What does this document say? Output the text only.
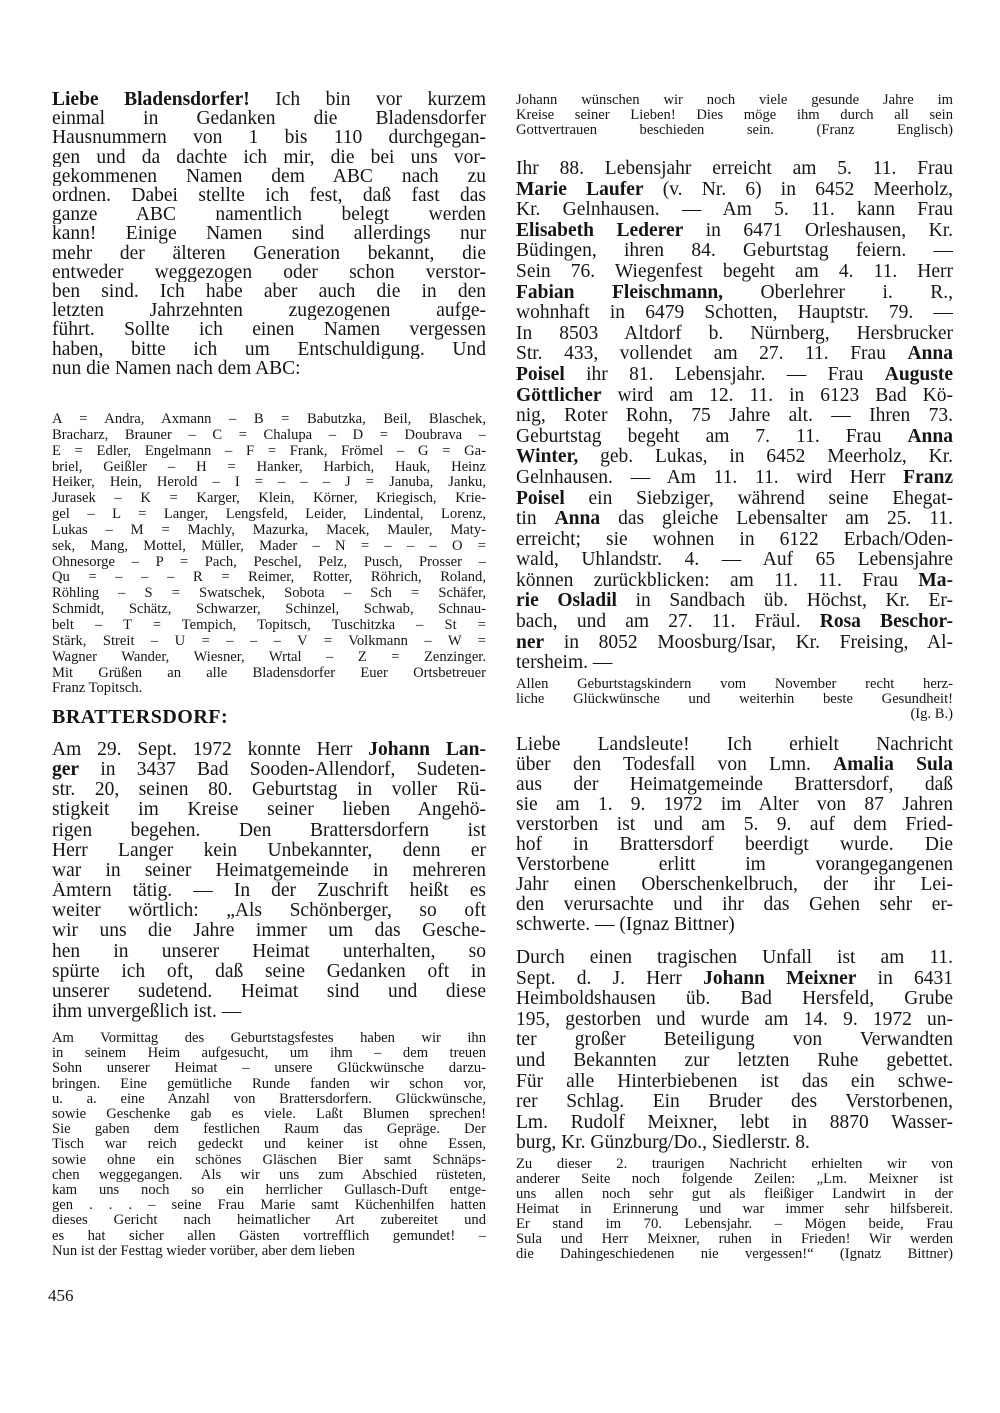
Liebe Bladensdorfer! Ich bin vor kurzem
einmal in Gedanken die Bladensdorfer
Hausnummern von 1 bis 110 durchgegan-
gen und da dachte ich mir, die bei uns vor-
gekommenen Namen dem ABC nach zu
ordnen. Dabei stellte ich fest, daß fast das
ganze ABC namentlich belegt werden
kann! Einige Namen sind allerdings nur
mehr der älteren Generation bekannt, die
entweder weggezogen oder schon verstor-
ben sind. Ich habe aber auch die in den
letzten Jahrzehnten zugezogenen aufge-
führt. Sollte ich einen Namen vergessen
haben, bitte ich um Entschuldigung. Und
nun die Namen nach dem ABC:
A = Andra, Axmann – B = Babutzka, Beil, Blaschek,
Bracharz, Brauner – C = Chalupa – D = Doubrava –
E = Edler, Engelmann – F = Frank, Frömel – G = Ga-
briel, Geißler – H = Hanker, Harbich, Hauk, Heinz
Heiker, Hein, Herold – I = – – – J = Januba, Janku,
Jurasek – K = Karger, Klein, Körner, Kriegisch, Krie-
gel – L = Langer, Lengsfeld, Leider, Lindental, Lorenz,
Lukas – M = Machly, Mazurka, Macek, Mauler, Maty-
sek, Mang, Mottel, Müller, Mader – N = – – – O =
Ohnesorge – P = Pach, Peschel, Pelz, Pusch, Prosser –
Qu = – – – R = Reimer, Rotter, Röhrich, Roland,
Röhling – S = Swatschek, Sobota – Sch = Schäfer,
Schmidt, Schätz, Schwarzer, Schinzel, Schwab, Schnau-
belt – T = Tempich, Topitsch, Tuschitzka – St =
Stärk, Streit – U = – – – V = Volkmann – W =
Wagner Wander, Wiesner, Wrtal – Z = Zenzinger.
Mit Grüßen an alle Bladensdorfer Euer Ortsbetreuer
Franz Topitsch.
BRATTERSDORF:
Am 29. Sept. 1972 konnte Herr Johann Lan-
ger in 3437 Bad Sooden-Allendorf, Sudeten-
str. 20, seinen 80. Geburtstag in voller Rü-
stigkeit im Kreise seiner lieben Angehö-
rigen begehen. Den Brattersdorfern ist
Herr Langer kein Unbekannter, denn er
war in seiner Heimatgemeinde in mehreren
Ämtern tätig. — In der Zuschrift heißt es
weiter wörtlich: „Als Schönberger, so oft
wir uns die Jahre immer um das Gesche-
hen in unserer Heimat unterhalten, so
spürte ich oft, daß seine Gedanken oft in
unserer sudetend. Heimat sind und diese
ihm unvergeßlich ist. —
Am Vormittag des Geburtstagsfestes haben wir ihn
in seinem Heim aufgesucht, um ihm – dem treuen
Sohn unserer Heimat – unsere Glückwünsche darzu-
bringen. Eine gemütliche Runde fanden wir schon vor,
u. a. eine Anzahl von Brattersdorfern. Glückwünsche,
sowie Geschenke gab es viele. Laßt Blumen sprechen!
Sie gaben dem festlichen Raum das Gepräge. Der
Tisch war reich gedeckt und keiner ist ohne Essen,
sowie ohne ein schönes Gläschen Bier samt Schnäps-
chen weggegangen. Als wir uns zum Abschied rüsteten,
kam uns noch so ein herrlicher Gullasch-Duft entge-
gen . . . – seine Frau Marie samt Küchenhilfen hatten
dieses Gericht nach heimatlicher Art zubereitet und
es hat sicher allen Gästen vortrefflich gemundet! –
Nun ist der Festtag wieder vorüber, aber dem lieben
456
Johann wünschen wir noch viele gesunde Jahre im
Kreise seiner Lieben! Dies möge ihm durch all sein
Gottvertrauen beschieden sein. (Franz Englisch)
Ihr 88. Lebensjahr erreicht am 5. 11. Frau
Marie Laufer (v. Nr. 6) in 6452 Meerholz,
Kr. Gelnhausen. — Am 5. 11. kann Frau
Elisabeth Lederer in 6471 Orleshausen, Kr.
Büdingen, ihren 84. Geburtstag feiern. —
Sein 76. Wiegenfest begeht am 4. 11. Herr
Fabian Fleischmann, Oberlehrer i. R.,
wohnhaft in 6479 Schotten, Hauptstr. 79. —
In 8503 Altdorf b. Nürnberg, Hersbrucker
Str. 433, vollendet am 27. 11. Frau Anna
Poisel ihr 81. Lebensjahr. — Frau Auguste
Göttlicher wird am 12. 11. in 6123 Bad Kö-
nig, Roter Rohn, 75 Jahre alt. — Ihren 73.
Geburtstag begeht am 7. 11. Frau Anna
Winter, geb. Lukas, in 6452 Meerholz, Kr.
Gelnhausen. — Am 11. 11. wird Herr Franz
Poisel ein Siebziger, während seine Ehegat-
tin Anna das gleiche Lebensalter am 25. 11.
erreicht; sie wohnen in 6122 Erbach/Oden-
wald, Uhlandstr. 4. — Auf 65 Lebensjahre
können zurückblicken: am 11. 11. Frau Ma-
rie Osladil in Sandbach üb. Höchst, Kr. Er-
bach, und am 27. 11. Fräul. Rosa Beschor-
ner in 8052 Moosburg/Isar, Kr. Freising, Al-
tersheim. —
Allen Geburtstagskindern vom November recht herz-
liche Glückwünsche und weiterhin beste Gesundheit!
(Ig. B.)
Liebe Landsleute! Ich erhielt Nachricht
über den Todesfall von Lmn. Amalia Sula
aus der Heimatgemeinde Brattersdorf, daß
sie am 1. 9. 1972 im Alter von 87 Jahren
verstorben ist und am 5. 9. auf dem Fried-
hof in Brattersdorf beerdigt wurde. Die
Verstorbene erlitt im vorangegangenen
Jahr einen Oberschenkelbruch, der ihr Lei-
den verursachte und ihr das Gehen sehr er-
schwerte. — (Ignaz Bittner)
Durch einen tragischen Unfall ist am 11.
Sept. d. J. Herr Johann Meixner in 6431
Heimboldshausen üb. Bad Hersfeld, Grube
195, gestorben und wurde am 14. 9. 1972 un-
ter großer Beteiligung von Verwandten
und Bekannten zur letzten Ruhe gebettet.
Für alle Hinterbiebenen ist das ein schwe-
rer Schlag. Ein Bruder des Verstorbenen,
Lm. Rudolf Meixner, lebt in 8870 Wasser-
burg, Kr. Günzburg/Do., Siedlerstr. 8.
Zu dieser 2. traurigen Nachricht erhielten wir von
anderer Seite noch folgende Zeilen: „Lm. Meixner ist
uns allen noch sehr gut als fleißiger Landwirt in der
Heimat in Erinnerung und war immer sehr hilfsbereit.
Er stand im 70. Lebensjahr. – Mögen beide, Frau
Sula und Herr Meixner, ruhen in Frieden! Wir werden
die Dahingeschiedenen nie vergessen!“ (Ignatz Bittner)
